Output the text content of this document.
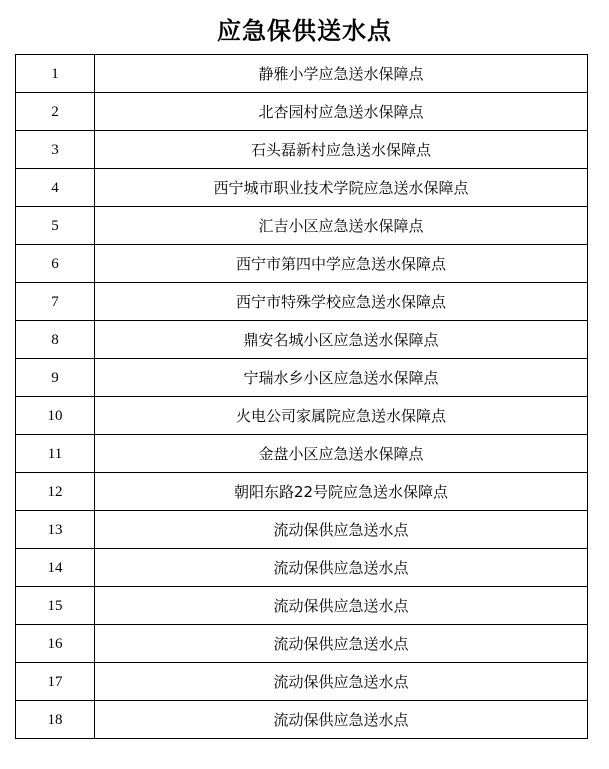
应急保供送水点
1	静雅小学应急送水保障点
2	北杏园村应急送水保障点
3	石头磊新村应急送水保障点
4	西宁城市职业技术学院应急送水保障点
5	汇吉小区应急送水保障点
6	西宁市第四中学应急送水保障点
7	西宁市特殊学校应急送水保障点
8	鼎安名城小区应急送水保障点
9	宁瑞水乡小区应急送水保障点
10	火电公司家属院应急送水保障点
11	金盘小区应急送水保障点
12	朝阳东路22号院应急送水保障点
13	流动保供应急送水点
14	流动保供应急送水点
15	流动保供应急送水点
16	流动保供应急送水点
17	流动保供应急送水点
18	流动保供应急送水点
